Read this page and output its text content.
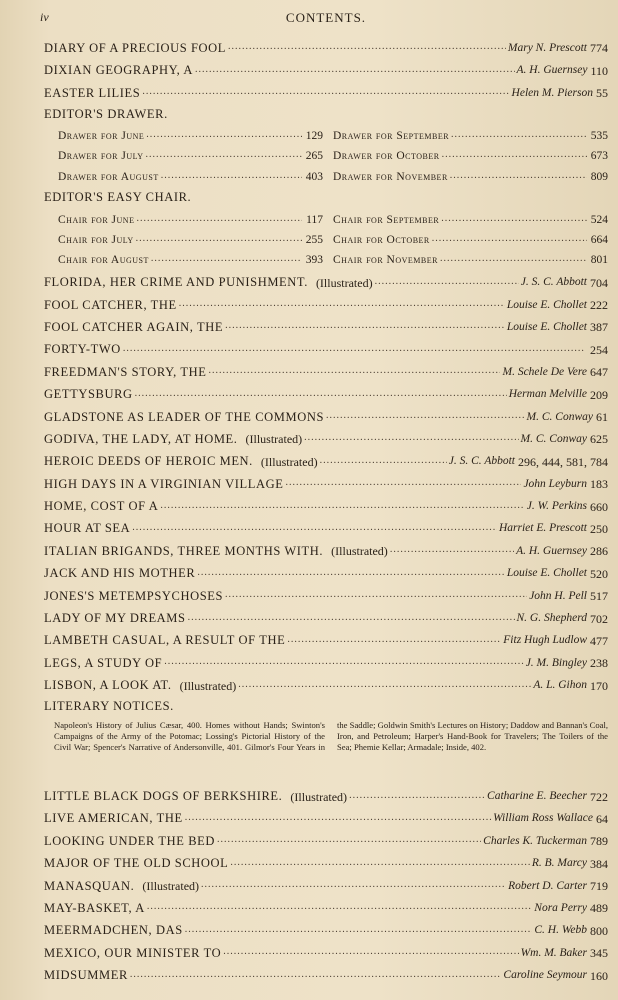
iv	CONTENTS.
DIARY OF A PRECIOUS FOOL .....	Mary N. Prescott 774
DIXIAN GEOGRAPHY, A .....	A. H. Guernsey 110
EASTER LILIES .....	Helen M. Pierson 55
EDITOR'S DRAWER.
Drawer for June .....	129 Drawer for September .....	535
Drawer for July .....	265 Drawer for October .....	673
Drawer for August .....	403 Drawer for November .....	809
EDITOR'S EASY CHAIR.
Chair for June .....	117 Chair for September .....	524
Chair for July .....	255 Chair for October .....	664
Chair for August .....	393 Chair for November .....	801
FLORIDA, HER CRIME AND PUNISHMENT. (Illustrated) .....	J. S. C. Abbott 704
FOOL CATCHER, THE .....	Louise E. Chollet 222
FOOL CATCHER AGAIN, THE .....	Louise E. Chollet 387
FORTY-TWO .....	254
FREEDMAN'S STORY, THE .....	M. Schele De Vere 647
GETTYSBURG .....	Herman Melville 209
GLADSTONE AS LEADER OF THE COMMONS .....	M. C. Conway 61
GODIVA, THE LADY, AT HOME. (Illustrated) .....	M. C. Conway 625
HEROIC DEEDS OF HEROIC MEN. (Illustrated) .....	J. S. C. Abbott 296, 444, 581, 784
HIGH DAYS IN A VIRGINIAN VILLAGE .....	John Leyburn 183
HOME, COST OF A .....	J. W. Perkins 660
HOUR AT SEA .....	Harriet E. Prescott 250
ITALIAN BRIGANDS, THREE MONTHS WITH. (Illustrated) .....	A. H. Guernsey 286
JACK AND HIS MOTHER .....	Louise E. Chollet 520
JONES'S METEMPSYCHOSES .....	John H. Pell 517
LADY OF MY DREAMS .....	N. G. Shepherd 702
LAMBETH CASUAL, A RESULT OF THE .....	Fitz Hugh Ludlow 477
LEGS, A STUDY OF .....	J. M. Bingley 238
LISBON, A LOOK AT. (Illustrated) .....	A. L. Gihon 170
LITERARY NOTICES.
Napoleon's History of Julius Cæsar, 400. Homes without Hands; Swinton's Campaigns of the Army of the Potomac; Lossing's Pictorial History of the Civil War; Spencer's Narrative of Andersonville, 401. Gilmor's Four Years in the Saddle; Goldwin Smith's Lectures on History; Daddow and Bannan's Coal, Iron, and Petroleum; Harper's Hand-Book for Travelers; The Toilers of the Sea; Phemie Kellar; Armadale; Inside, 402.
LITTLE BLACK DOGS OF BERKSHIRE. (Illustrated) .....	Catharine E. Beecher 722
LIVE AMERICAN, THE .....	William Ross Wallace 64
LOOKING UNDER THE BED .....	Charles K. Tuckerman 789
MAJOR OF THE OLD SCHOOL .....	R. B. Marcy 384
MANASQUAN. (Illustrated) .....	Robert D. Carter 719
MAY-BASKET, A .....	Nora Perry 489
MEERMADCHEN, DAS .....	C. H. Webb 800
MEXICO, OUR MINISTER TO .....	Wm. M. Baker 345
MIDSUMMER .....	Caroline Seymour 160
